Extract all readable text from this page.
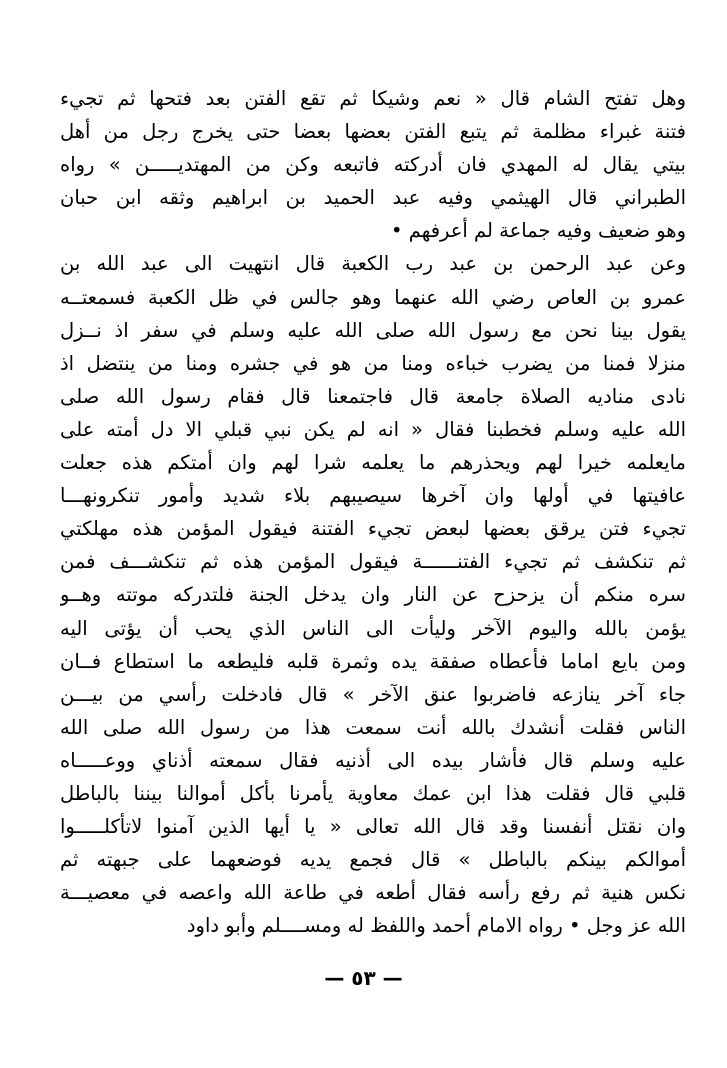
وهل تفتح الشام قال « نعم وشيكا ثم تقع الفتن بعد فتحها ثم تجيء
فتنة غبراء مظلمة ثم يتبع الفتن بعضها بعضا حتى يخرج رجل من أهل
بيتي يقال له المهدي فان أدركته فاتبعه وكن من المهتديـــــن » رواه
الطبراني قال الهيثمي وفيه عبد الحميد بن ابراهيم وثقه ابن حبان
وهو ضعيف وفيه جماعة لم أعرفهم •
وعن عبد الرحمن بن عبد رب الكعبة قال انتهيت الى عبد الله بن
عمرو بن العاص رضي الله عنهما وهو جالس في ظل الكعبة فسمعتــه
يقول بينا نحن مع رسول الله صلى الله عليه وسلم في سفر اذ نــزل
منزلا فمنا من يضرب خباءه ومنا من هو في جشره ومنا من ينتضل اذ
نادى مناديه الصلاة جامعة قال فاجتمعنا قال فقام رسول الله صلى
الله عليه وسلم فخطبنا فقال « انه لم يكن نبي قبلي الا دل أمته على
مايعلمه خيرا لهم ويحذرهم ما يعلمه شرا لهم وان أمتكم هذه جعلت
عافيتها في أولها وان آخرها سيصيبهم بلاء شديد وأمور تنكرونهـــا
تجيء فتن يرقق بعضها لبعض تجيء الفتنة فيقول المؤمن هذه مهلكتي
ثم تنكشف ثم تجيء الفتنــــــة فيقول المؤمن هذه ثم تنكشـــف فمن
سره منكم أن يزحزح عن النار وان يدخل الجنة فلتدركه موتته وهــو
يؤمن بالله واليوم الآخر وليأت الى الناس الذي يحب أن يؤتى اليه
ومن بايع اماما فأعطاه صفقة يده وثمرة قلبه فليطعه ما استطاع فــان
جاء آخر ينازعه فاضربوا عنق الآخر » قال فادخلت رأسي من بيـــن
الناس فقلت أنشدك بالله أنت سمعت هذا من رسول الله صلى الله
عليه وسلم قال فأشار بيده الى أذنيه فقال سمعته أذناي ووعـــــاه
قلبي قال فقلت هذا ابن عمك معاوية يأمرنا بأكل أموالنا بيننا بالباطل
وان نقتل أنفسنا وقد قال الله تعالى « يا أيها الذين آمنوا لاتأكلـــــوا
أموالكم بينكم بالباطل » قال فجمع يديه فوضعهما على جبهته ثم
نكس هنية ثم رفع رأسه فقال أطعه في طاعة الله واعصه في معصيـــة
الله عز وجل • رواه الامام أحمد واللفظ له ومســــلم وأبو داود
— ٥٣ —
